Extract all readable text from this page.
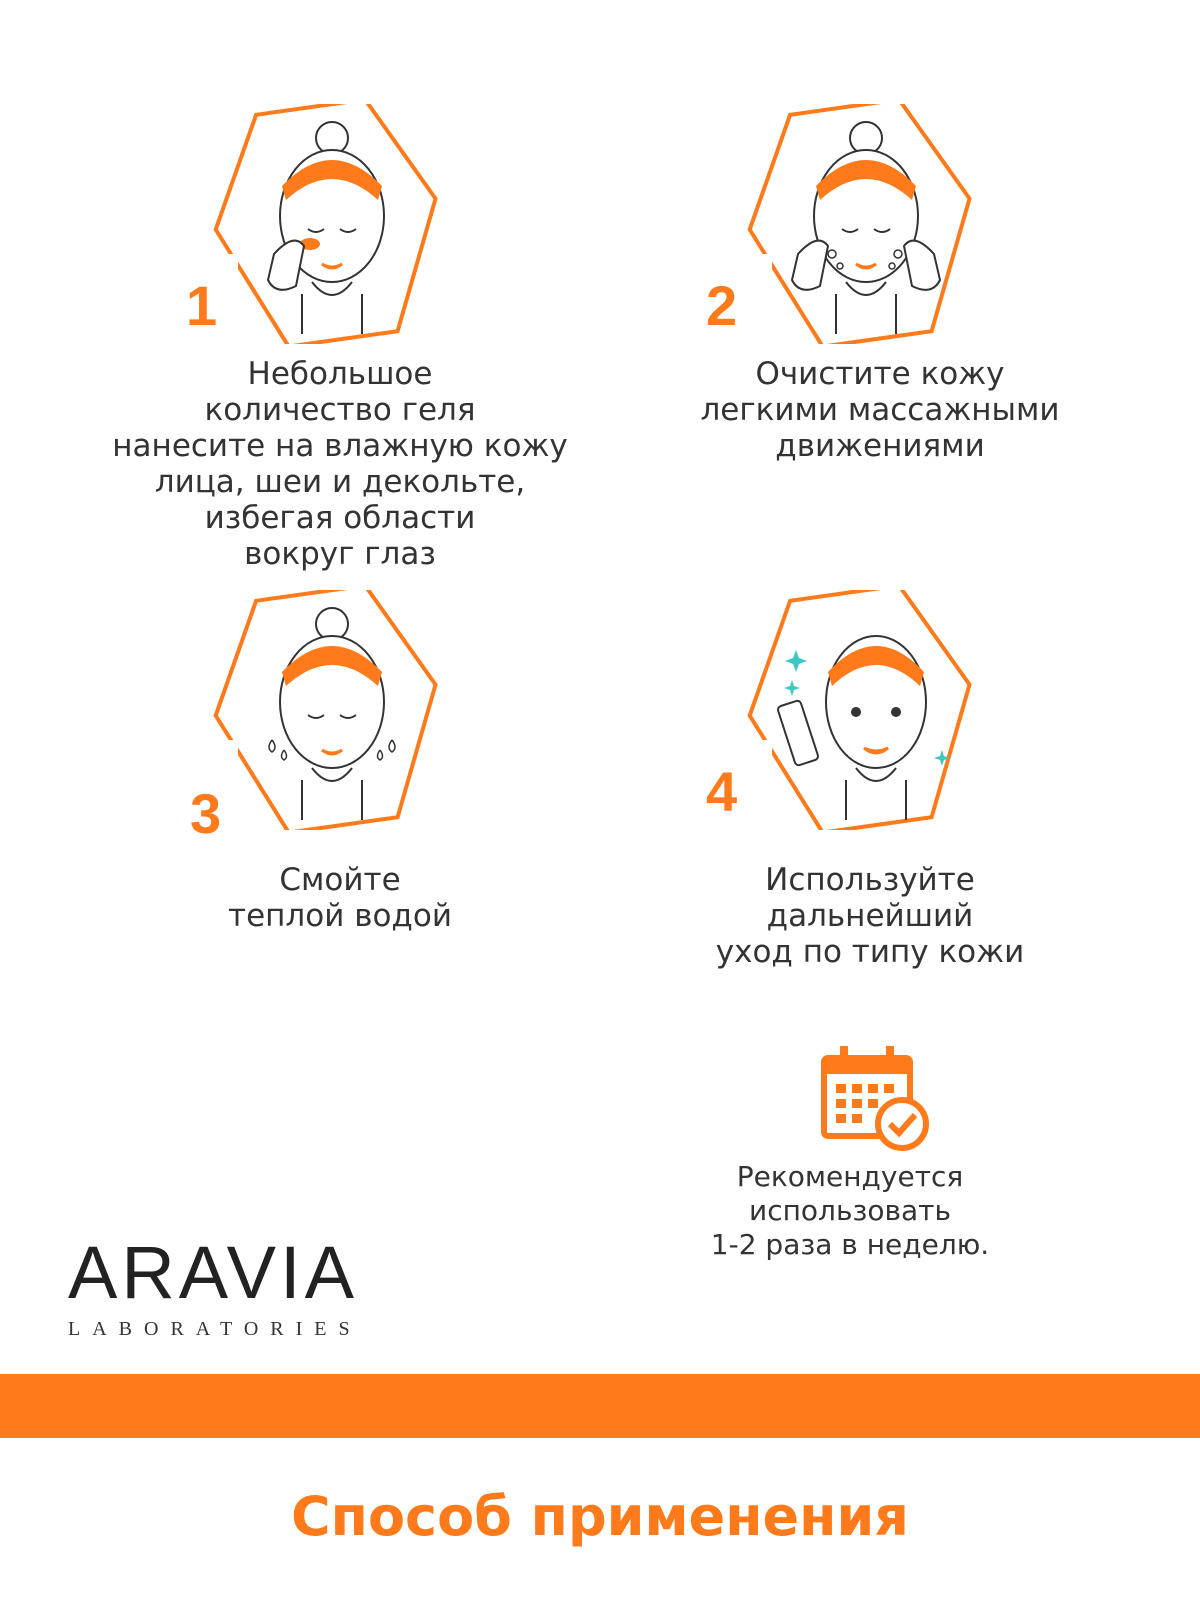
1
Небольшое
количество геля
нанесите на влажную кожу
лица, шеи и декольте,
избегая области
вокруг глаз
2
Очистите кожу
легкими массажными
движениями
3
Смойте
теплой водой
4
Используйте
дальнейший
уход по типу кожи
Рекомендуется
использовать
1-2 раза в неделю.
ARAVIA
LABORATORIES
Способ применения
